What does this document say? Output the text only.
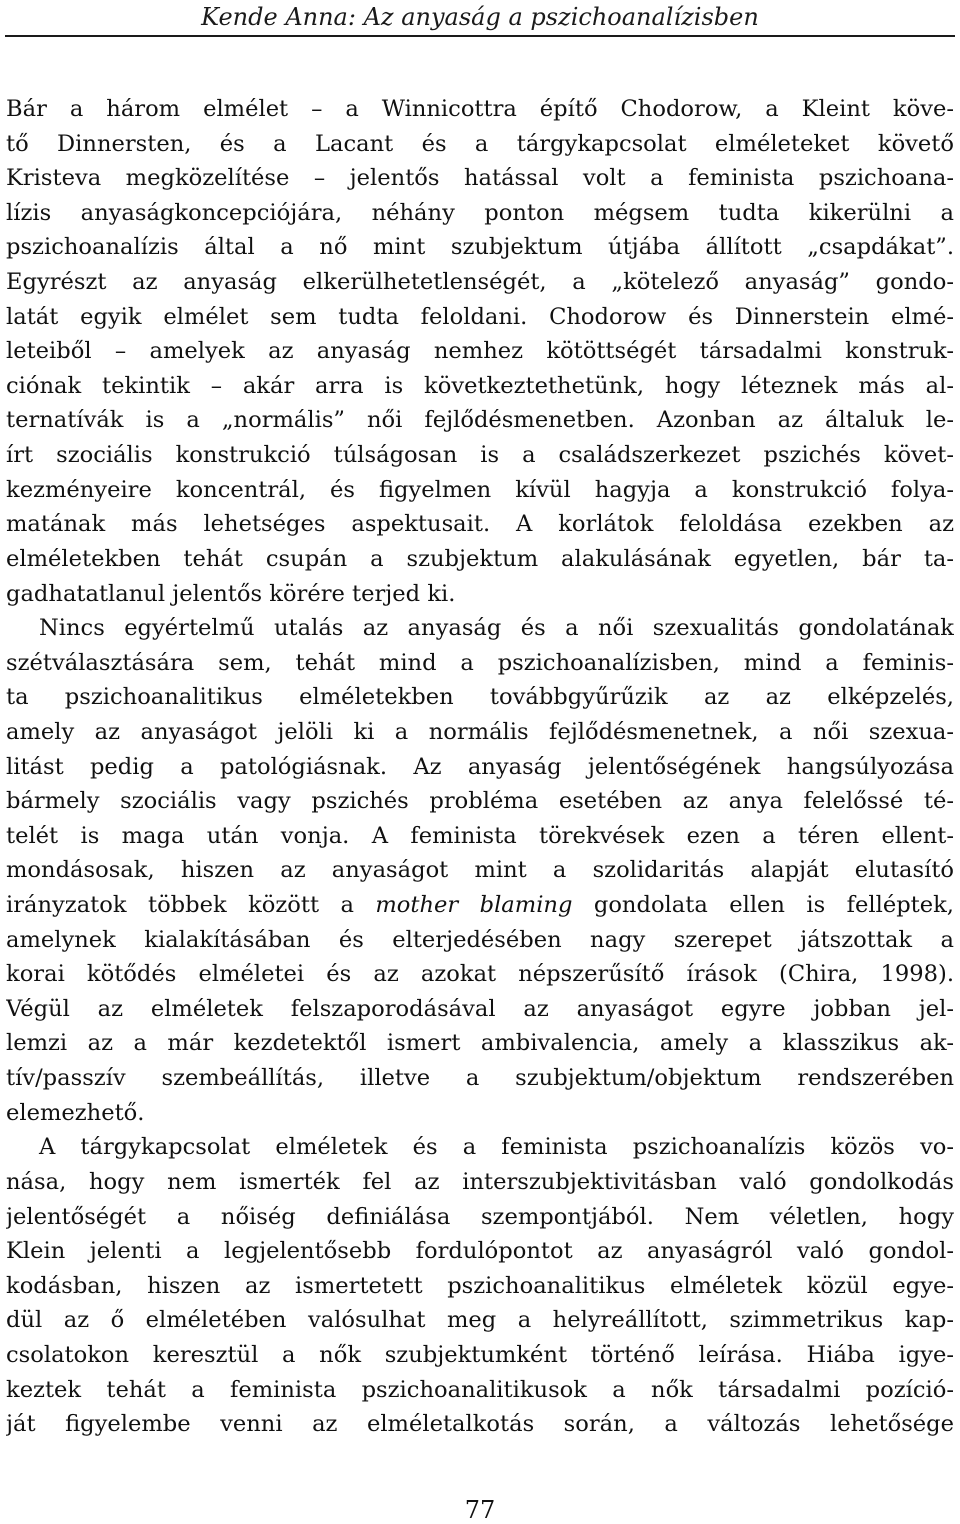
Kende Anna: Az anyaság a pszichoanalízisben
Bár a három elmélet – a Winnicottra építő Chodorow, a Kleint köve-
tő Dinnersten, és a Lacant és a tárgykapcsolat elméleteket követő
Kristeva megközelítése – jelentős hatással volt a feminista pszichoana-
lízis anyaságkoncepciójára, néhány ponton mégsem tudta kikerülni a
pszichoanalízis által a nő mint szubjektum útjába állított „csapdákat”.
Egyrészt az anyaság elkerülhetetlenségét, a „kötelező anyaság” gondo-
latát egyik elmélet sem tudta feloldani. Chodorow és Dinnerstein elmé-
leteiből – amelyek az anyaság nemhez kötöttségét társadalmi konstruk-
ciónak tekintik – akár arra is következtethetünk, hogy léteznek más al-
ternatívák is a „normális” női fejlődésmenetben. Azonban az általuk le-
írt szociális konstrukció túlságosan is a családszerkezet pszichés követ-
kezményeire koncentrál, és figyelmen kívül hagyja a konstrukció folya-
matának más lehetséges aspektusait. A korlátok feloldása ezekben az
elméletekben tehát csupán a szubjektum alakulásának egyetlen, bár ta-
gadhatatlanul jelentős körére terjed ki.
Nincs egyértelmű utalás az anyaság és a női szexualitás gondolatának
szétválasztására sem, tehát mind a pszichoanalízisben, mind a feminis-
ta pszichoanalitikus elméletekben továbbgyűrűzik az az elképzelés,
amely az anyaságot jelöli ki a normális fejlődésmenetnek, a női szexua-
litást pedig a patológiásnak. Az anyaság jelentőségének hangsúlyozása
bármely szociális vagy pszichés probléma esetében az anya felelőssé té-
telét is maga után vonja. A feminista törekvések ezen a téren ellent-
mondásosak, hiszen az anyaságot mint a szolidaritás alapját elutasító
irányzatok többek között a mother blaming gondolata ellen is felléptek,
amelynek kialakításában és elterjedésében nagy szerepet játszottak a
korai kötődés elméletei és az azokat népszerűsítő írások (Chira, 1998).
Végül az elméletek felszaporodásával az anyaságot egyre jobban jel-
lemzi az a már kezdetektől ismert ambivalencia, amely a klasszikus ak-
tív/passzív szembeállítás, illetve a szubjektum/objektum rendszerében
elemezhető.
A tárgykapcsolat elméletek és a feminista pszichoanalízis közös vo-
nása, hogy nem ismerték fel az interszubjektivitásban való gondolkodás
jelentőségét a nőiség definiálása szempontjából. Nem véletlen, hogy
Klein jelenti a legjelentősebb fordulópontot az anyaságról való gondol-
kodásban, hiszen az ismertetett pszichoanalitikus elméletek közül egye-
dül az ő elméletében valósulhat meg a helyreállított, szimmetrikus kap-
csolatokon keresztül a nők szubjektumként történő leírása. Hiába igye-
keztek tehát a feminista pszichoanalitikusok a nők társadalmi pozíció-
ját figyelembe venni az elméletalkotás során, a változás lehetősége
77
